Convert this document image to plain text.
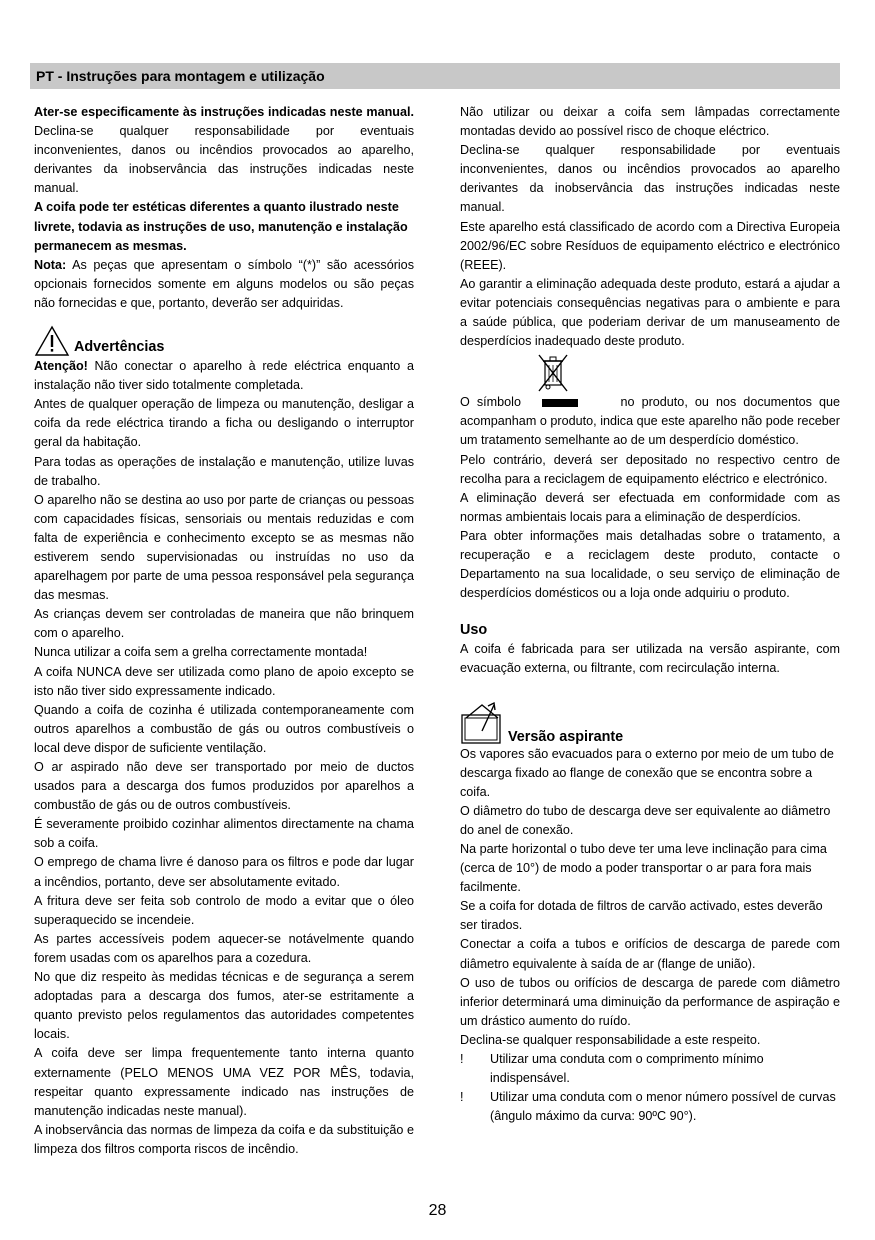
PT - Instruções para montagem e utilização

Ater-se especificamente às instruções indicadas neste manual. Declina-se qualquer responsabilidade por eventuais inconvenientes, danos ou incêndios provocados ao aparelho, derivantes da inobservância das instruções indicadas neste manual.

A coifa pode ter estéticas diferentes a quanto ilustrado neste livrete, todavia as instruções de uso, manutenção e instalação permanecem as mesmas.

Nota: As peças que apresentam o símbolo “(*)” são acessórios opcionais fornecidos somente em alguns modelos ou são peças não fornecidas e que, portanto, deverão ser adquiridas.

Advertências

Atenção! Não conectar o aparelho à rede eléctrica enquanto a instalação não tiver sido totalmente completada.

Antes de qualquer operação de limpeza ou manutenção, desligar a coifa da rede eléctrica tirando a ficha ou desligando o interruptor geral da habitação.

Para todas as operações de instalação e manutenção, utilize luvas de trabalho.

O aparelho não se destina ao uso por parte de crianças ou pessoas com capacidades físicas, sensoriais ou mentais reduzidas e com falta de experiência e conhecimento excepto se as mesmas não estiverem sendo supervisionadas ou instruídas no uso da aparelhagem por parte de uma pessoa responsável pela segurança das mesmas.

As crianças devem ser controladas de maneira que não brinquem com o aparelho.

Nunca utilizar a coifa sem a grelha correctamente montada!

A coifa NUNCA deve ser utilizada como plano de apoio excepto se isto não tiver sido expressamente indicado.

Quando a coifa de cozinha é utilizada contemporaneamente com outros aparelhos a combustão de gás ou outros combustíveis o local deve dispor de suficiente ventilação.

O ar aspirado não deve ser transportado por meio de ductos usados para a descarga dos fumos produzidos por aparelhos a combustão de gás ou de outros combustíveis.

É severamente proibido cozinhar alimentos directamente na chama sob a coifa.

O emprego de chama livre é danoso para os filtros e pode dar lugar a incêndios, portanto, deve ser absolutamente evitado.

A fritura deve ser feita sob controlo de modo a evitar que o óleo superaquecido se incendeie.

As partes accessíveis podem aquecer-se notávelmente quando forem usadas com os aparelhos para a cozedura.

No que diz respeito às medidas técnicas e de segurança a serem adoptadas para a descarga dos fumos, ater-se estritamente a quanto previsto pelos regulamentos das autoridades competentes locais.

A coifa deve ser limpa frequentemente tanto interna quanto externamente (PELO MENOS UMA VEZ POR MÊS, todavia, respeitar quanto expressamente indicado nas instruções de manutenção indicadas neste manual).

A inobservância das normas de limpeza da coifa e da substituição e limpeza dos filtros comporta riscos de incêndio.

Não utilizar ou deixar a coifa sem lâmpadas correctamente montadas devido ao possível risco de choque eléctrico.

Declina-se qualquer responsabilidade por eventuais inconvenientes, danos ou incêndios provocados ao aparelho derivantes da inobservância das instruções indicadas neste manual.

Este aparelho está classificado de acordo com a Directiva Europeia 2002/96/EC sobre Resíduos de equipamento eléctrico e electrónico (REEE).

Ao garantir a eliminação adequada deste produto, estará a ajudar a evitar potenciais consequências negativas para o ambiente e para a saúde pública, que poderiam derivar de um manuseamento de desperdícios inadequado deste produto.

O símbolo	no produto, ou nos documentos que acompanham o produto, indica que este aparelho não pode receber um tratamento semelhante ao de um desperdício doméstico.

Pelo contrário, deverá ser depositado no respectivo centro de recolha para a reciclagem de equipamento eléctrico e electrónico.

A eliminação deverá ser efectuada em conformidade com as normas ambientais locais para a eliminação de desperdícios.

Para obter informações mais detalhadas sobre o tratamento, a recuperação e a reciclagem deste produto, contacte o Departamento na sua localidade, o seu serviço de eliminação de desperdícios domésticos ou a loja onde adquiriu o produto.

Uso

A coifa é fabricada para ser utilizada na versão aspirante, com evacuação externa, ou filtrante, com recirculação interna.

Versão aspirante

Os vapores são evacuados para o externo por meio de um tubo de descarga fixado ao flange de conexão que se encontra sobre a coifa.

O diâmetro do tubo de descarga deve ser equivalente ao diâmetro do anel de conexão.

Na parte horizontal o tubo deve ter uma leve inclinação para cima (cerca de 10°) de modo a poder transportar o ar para fora mais facilmente.

Se a coifa for dotada de filtros de carvão activado, estes deverão ser tirados.

Conectar a coifa a tubos e orifícios de descarga de parede com diâmetro equivalente à saída de ar (flange de união).

O uso de tubos ou orifícios de descarga de parede com diâmetro inferior determinará uma diminuição da performance de aspiração e um drástico aumento do ruído.

Declina-se qualquer responsabilidade a este respeito.

! Utilizar uma conduta com o comprimento mínimo indispensável.

! Utilizar uma conduta com o menor número possível de curvas (ângulo máximo da curva: 90ºC 90°).

28
